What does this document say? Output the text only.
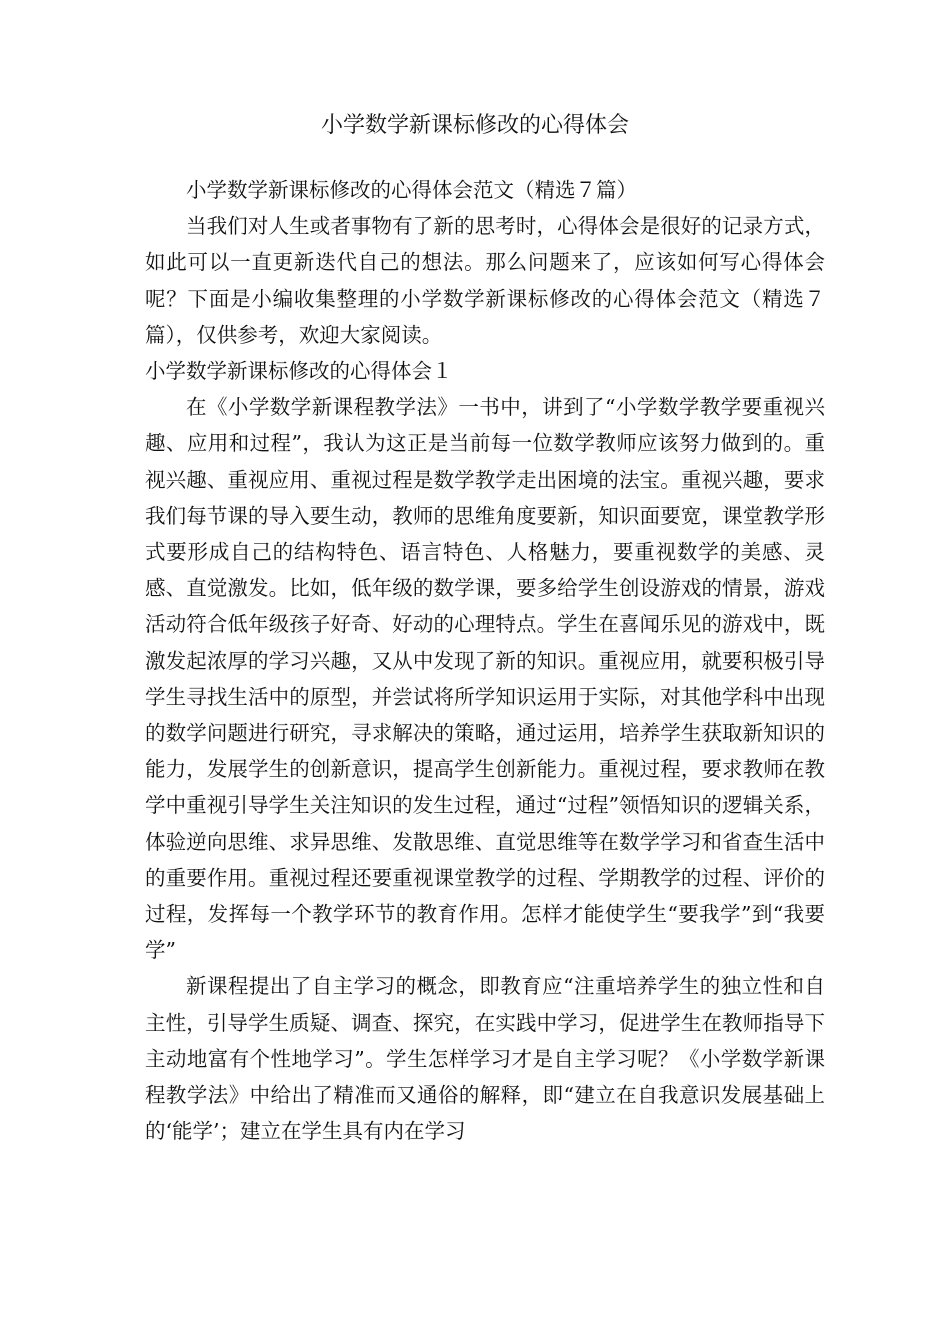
小学数学新课标修改的心得体会

小学数学新课标修改的心得体会范文（精选７篇）

当我们对人生或者事物有了新的思考时，心得体会是很好的记录方式，如此可以一直更新迭代自己的想法。那么问题来了，应该如何写心得体会呢？下面是小编收集整理的小学数学新课标修改的心得体会范文（精选７篇），仅供参考，欢迎大家阅读。

小学数学新课标修改的心得体会１

在《小学数学新课程教学法》一书中，讲到了“小学数学教学要重视兴趣、应用和过程”，我认为这正是当前每一位数学教师应该努力做到的。重视兴趣、重视应用、重视过程是数学教学走出困境的法宝。重视兴趣，要求我们每节课的导入要生动，教师的思维角度要新，知识面要宽，课堂教学形式要形成自己的结构特色、语言特色、人格魅力，要重视数学的美感、灵感、直觉激发。比如，低年级的数学课，要多给学生创设游戏的情景，游戏活动符合低年级孩子好奇、好动的心理特点。学生在喜闻乐见的游戏中，既激发起浓厚的学习兴趣，又从中发现了新的知识。重视应用，就要积极引导学生寻找生活中的原型，并尝试将所学知识运用于实际，对其他学科中出现的数学问题进行研究，寻求解决的策略，通过运用，培养学生获取新知识的能力，发展学生的创新意识，提高学生创新能力。重视过程，要求教师在教学中重视引导学生关注知识的发生过程，通过“过程”领悟知识的逻辑关系，体验逆向思维、求异思维、发散思维、直觉思维等在数学学习和省查生活中的重要作用。重视过程还要重视课堂教学的过程、学期教学的过程、评价的过程，发挥每一个教学环节的教育作用。怎样才能使学生“要我学”到“我要学”

新课程提出了自主学习的概念，即教育应“注重培养学生的独立性和自主性，引导学生质疑、调查、探究，在实践中学习，促进学生在教师指导下主动地富有个性地学习”。学生怎样学习才是自主学习呢？《小学数学新课程教学法》中给出了精准而又通俗的解释，即“建立在自我意识发展基础上的‘能学’；建立在学生具有内在学习
